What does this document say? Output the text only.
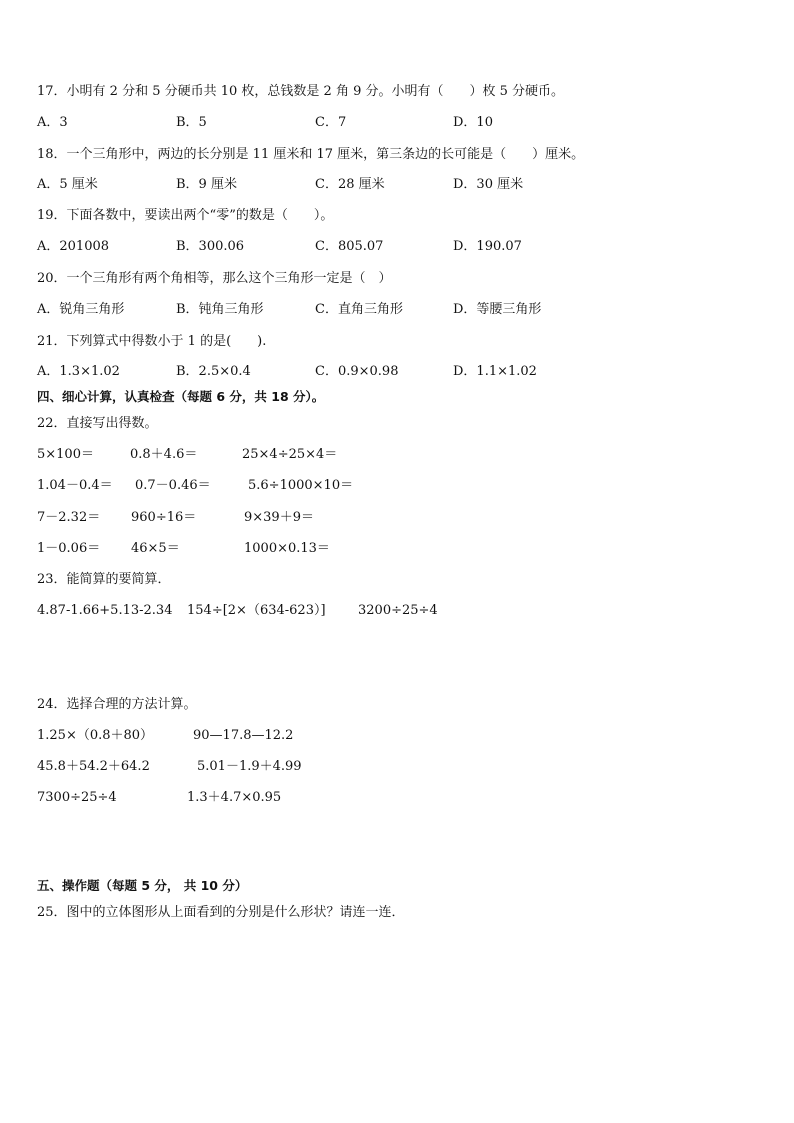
17．小明有 2 分和 5 分硬币共 10 枚，总钱数是 2 角 9 分。小明有（　　）枚 5 分硬币。
A．3	B．5	C．7	D．10
18．一个三角形中，两边的长分别是 11 厘米和 17 厘米，第三条边的长可能是（　　）厘米。
A．5 厘米	B．9 厘米	C．28 厘米	D．30 厘米
19．下面各数中，要读出两个“零”的数是（　　）。
A．201008	B．300.06	C．805.07	D．190.07
20．一个三角形有两个角相等，那么这个三角形一定是（　）
A．锐角三角形	B．钝角三角形	C．直角三角形	D．等腰三角形
21．下列算式中得数小于 1 的是(　　).
A．1.3×1.02	B．2.5×0.4	C．0.9×0.98	D．1.1×1.02
四、细心计算，认真检查（每题 6 分，共 18 分）。
22．直接写出得数。
5×100＝	0.8＋4.6＝	25×4÷25×4＝
1.04－0.4＝ 0.7－0.46＝	5.6÷1000×10＝
7－2.32＝ 960÷16＝	9×39＋9＝
1－0.06＝ 46×5＝	1000×0.13＝
23．能简算的要简算．
4.87-1.66+5.13-2.34 154÷[2×（634-623）] 3200÷25÷4
24．选择合理的方法计算。
1.25×（0.8＋80）	90—17.8—12.2
45.8＋54.2＋64.2	5.01－1.9＋4.99
7300÷25÷4	1.3＋4.7×0.95
五、操作题（每题 5 分， 共 10 分）
25．图中的立体图形从上面看到的分别是什么形状？请连一连．
